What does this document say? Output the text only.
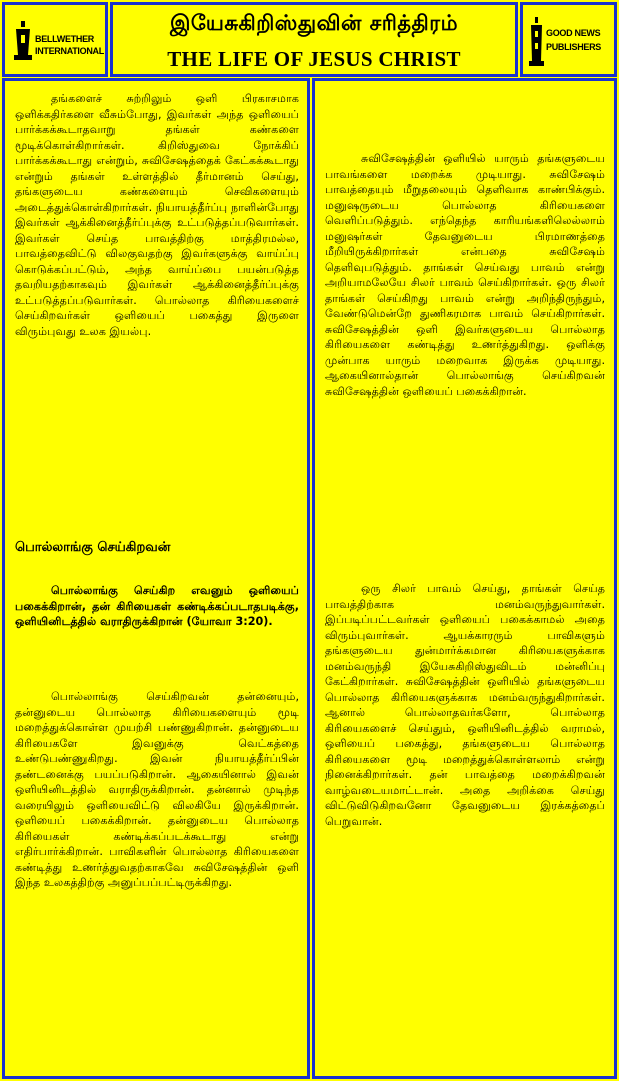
BELLWETHER
INTERNATIONAL
இயேசுகிறிஸ்துவின் சரித்திரம்
THE LIFE OF JESUS CHRIST
GOOD NEWS
PUBLISHERS

தங்களைச் சுற்றிலும் ஒளி பிரகாசமாக ஒளிக்கதிர்களை வீசும்போது, இவர்கள் அந்த ஒளியைப் பார்க்கக்கூடாதவாறு தங்கள் கண்களை மூடிக்கொள்கிறார்கள். கிறிஸ்துவை நோக்கிப் பார்க்கக்கூடாது என்றும், சுவிசேஷத்தைக் கேட்கக்கூடாது என்றும் தங்கள் உள்ளத்தில் தீர்மானம் செய்து, தங்களுடைய கண்களையும் செவிகளையும் அடைத்துக்கொள்கிறார்கள். நியாயத்தீர்ப்பு நாளின்போது இவர்கள் ஆக்கினைத்தீர்ப்புக்கு உட்படுத்தப்படுவார்கள். இவர்கள் செய்த பாவத்திற்கு மாத்திரமல்ல, பாவத்தைவிட்டு விலகுவதற்கு இவர்களுக்கு வாய்ப்பு கொடுக்கப்பட்டும், அந்த வாய்ப்பை பயன்படுத்த தவறியதற்காகவும் இவர்கள் ஆக்கினைத்தீர்ப்புக்கு உட்படுத்தப்படுவார்கள். பொல்லாத கிரியைகளைச் செய்கிறவர்கள் ஒளியைப் பகைத்து இருளை விரும்புவது உலக இயல்பு.

பொல்லாங்கு செய்கிறவன்

பொல்லாங்கு செய்கிற எவனும் ஒளியைப் பகைக்கிறான், தன் கிரியைகள் கண்டிக்கப்படாதபடிக்கு, ஒளியினிடத்தில் வராதிருக்கிறான் (யோவா 3:20).

பொல்லாங்கு செய்கிறவன் தன்னையும், தன்னுடைய பொல்லாத கிரியைகளையும் மூடி மறைத்துக்கொள்ள முயற்சி பண்ணுகிறான். தன்னுடைய கிரியைகளே இவனுக்கு வெட்கத்தை உண்டுபண்ணுகிறது. இவன் நியாயத்தீர்ப்பின் தண்டனைக்கு பயப்படுகிறான். ஆகையினால் இவன் ஒளியினிடத்தில் வராதிருக்கிறான். தன்னால் முடிந்த வரையிலும் ஒளியைவிட்டு விலகியே இருக்கிறான். ஒளியைப் பகைக்கிறான். தன்னுடைய பொல்லாத கிரியைகள் கண்டிக்கப்படக்கூடாது என்று எதிர்பார்க்கிறான். பாவிகளின் பொல்லாத கிரியைகளை கண்டித்து உணர்த்துவதற்காகவே சுவிசேஷத்தின் ஒளி இந்த உலகத்திற்கு அனுப்பப்பட்டிருக்கிறது.

சுவிசேஷத்தின் ஒளியில் யாரும் தங்களுடைய பாவங்களை மறைக்க முடியாது. சுவிசேஷம் பாவத்தையும் மீறுதலையும் தெளிவாக காண்பிக்கும். மனுஷருடைய பொல்லாத கிரியைகளை வெளிப்படுத்தும். எந்தெந்த காரியங்களிலெல்லாம் மனுஷர்கள் தேவனுடைய பிரமாணத்தை மீறியிருக்கிறார்கள் என்பதை சுவிசேஷம் தெளிவுபடுத்தும். தாங்கள் செய்வது பாவம் என்று அறியாமலேயே சிலர் பாவம் செய்கிறார்கள். ஒரு சிலர் தாங்கள் செய்கிறது பாவம் என்று அறிந்திருந்தும், வேண்டுமென்றே துணிகரமாக பாவம் செய்கிறார்கள். சுவிசேஷத்தின் ஒளி இவர்களுடைய பொல்லாத கிரியைகளை கண்டித்து உணர்த்துகிறது. ஒளிக்கு முன்பாக யாரும் மறைவாக இருக்க முடியாது. ஆகையினால்தான் பொல்லாங்கு செய்கிறவன் சுவிசேஷத்தின் ஒளியைப் பகைக்கிறான்.

ஒரு சிலர் பாவம் செய்து, தாங்கள் செய்த பாவத்திற்காக மனம்வருந்துவார்கள். இப்படிப்பட்டவர்கள் ஒளியைப் பகைக்காமல் அதை விரும்புவார்கள். ஆயக்காரரும் பாவிகளும் தங்களுடைய துன்மார்க்கமான கிரியைகளுக்காக மனம்வருந்தி இயேசுகிறிஸ்துவிடம் மன்னிப்பு கேட்கிறார்கள். சுவிசேஷத்தின் ஒளியில் தங்களுடைய பொல்லாத கிரியைகளுக்காக மனம்வருந்துகிறார்கள். ஆனால் பொல்லாதவர்களோ, பொல்லாத கிரியைகளைச் செய்தும், ஒளியினிடத்தில் வராமல், ஒளியைப் பகைத்து, தங்களுடைய பொல்லாத கிரியைகளை மூடி மறைத்துக்கொள்ளலாம் என்று நினைக்கிறார்கள். தன் பாவத்தை மறைக்கிறவன் வாழ்வடையமாட்டான். அதை அறிக்கை செய்து விட்டுவிடுகிறவனோ தேவனுடைய இரக்கத்தைப் பெறுவான்.
